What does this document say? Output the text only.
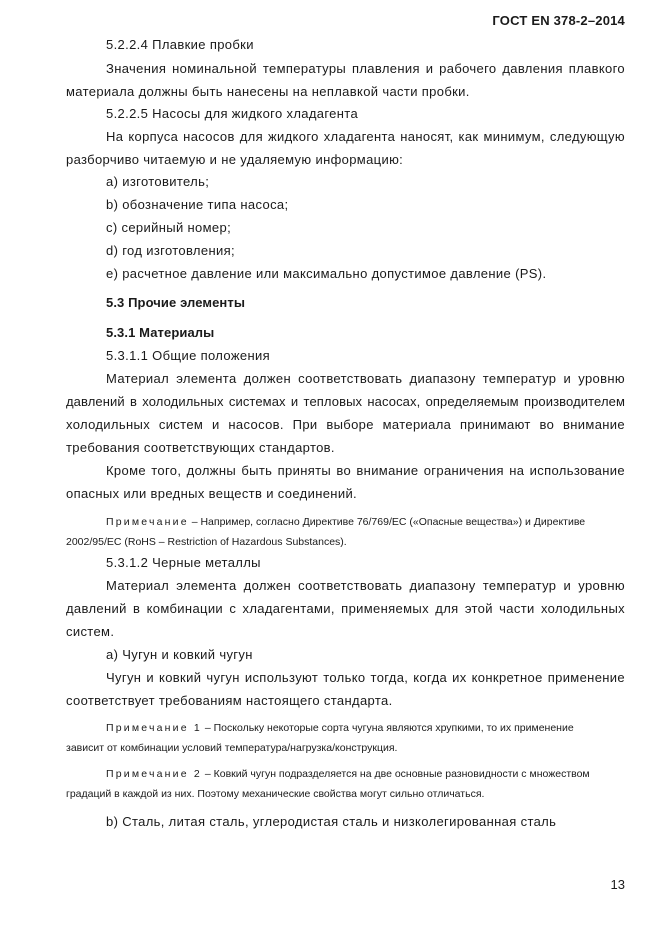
ГОСТ EN 378-2–2014
5.2.2.4 Плавкие пробки
Значения номинальной температуры плавления и рабочего давления плавкого
материала должны быть нанесены на неплавкой части пробки.
5.2.2.5 Насосы для жидкого хладагента
На корпуса насосов для жидкого хладагента наносят, как минимум, следующую
разборчиво читаемую и не удаляемую информацию:
a) изготовитель;
b) обозначение типа насоса;
c) серийный номер;
d) год изготовления;
e) расчетное давление или максимально допустимое давление (PS).
5.3 Прочие элементы
5.3.1 Материалы
5.3.1.1 Общие положения
Материал элемента должен соответствовать диапазону температур и уровню
давлений в холодильных системах и тепловых насосах, определяемым производителем
холодильных систем и насосов. При выборе материала принимают во внимание
требования соответствующих стандартов.
Кроме того, должны быть приняты во внимание ограничения на использование
опасных или вредных веществ и соединений.
Примечание – Например, согласно Директиве 76/769/ЕС («Опасные вещества») и Директиве
2002/95/ЕС (RoHS – Restriction of Hazardous Substances).
5.3.1.2 Черные металлы
Материал элемента должен соответствовать диапазону температур и уровню
давлений в комбинации с хладагентами, применяемых для этой части холодильных
систем.
a) Чугун и ковкий чугун
Чугун и ковкий чугун используют только тогда, когда их конкретное применение
соответствует требованиям настоящего стандарта.
Примечание 1 – Поскольку некоторые сорта чугуна являются хрупкими, то их применение
зависит от комбинации условий температура/нагрузка/конструкция.
Примечание 2 – Ковкий чугун подразделяется на две основные разновидности с множеством
градаций в каждой из них. Поэтому механические свойства могут сильно отличаться.
b) Сталь, литая сталь, углеродистая сталь и низколегированная сталь
13
